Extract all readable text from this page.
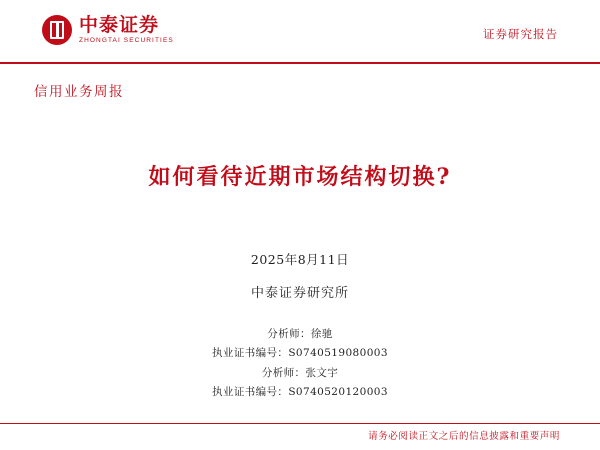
中泰证券
ZHONGTAI SECURITIES	证券研究报告
信用业务周报
如何看待近期市场结构切换?
2025年8月11日
中泰证券研究所
分析师：徐驰
执业证书编号：S0740519080003
分析师：张文宇
执业证书编号：S0740520120003
请务必阅读正文之后的信息披露和重要声明
